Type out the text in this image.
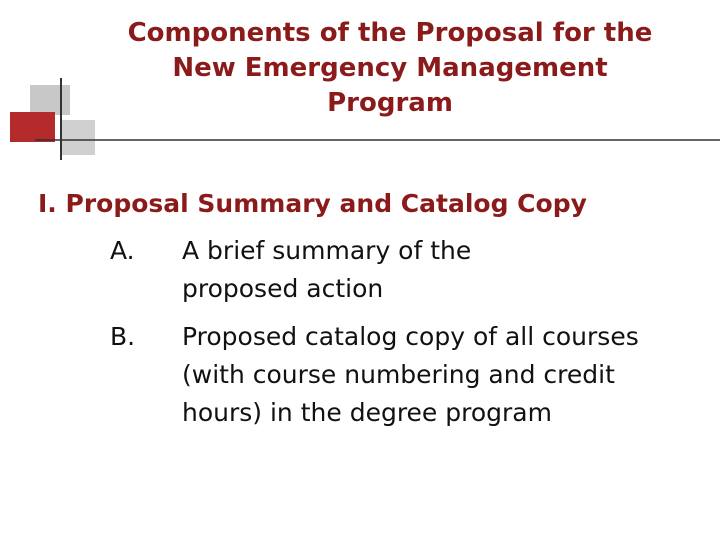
Components of the Proposal for the
New Emergency Management
Program
I. Proposal Summary and Catalog Copy
A. A brief summary of the
proposed action
B. Proposed catalog copy of all courses
(with course numbering and credit
hours) in the degree program
